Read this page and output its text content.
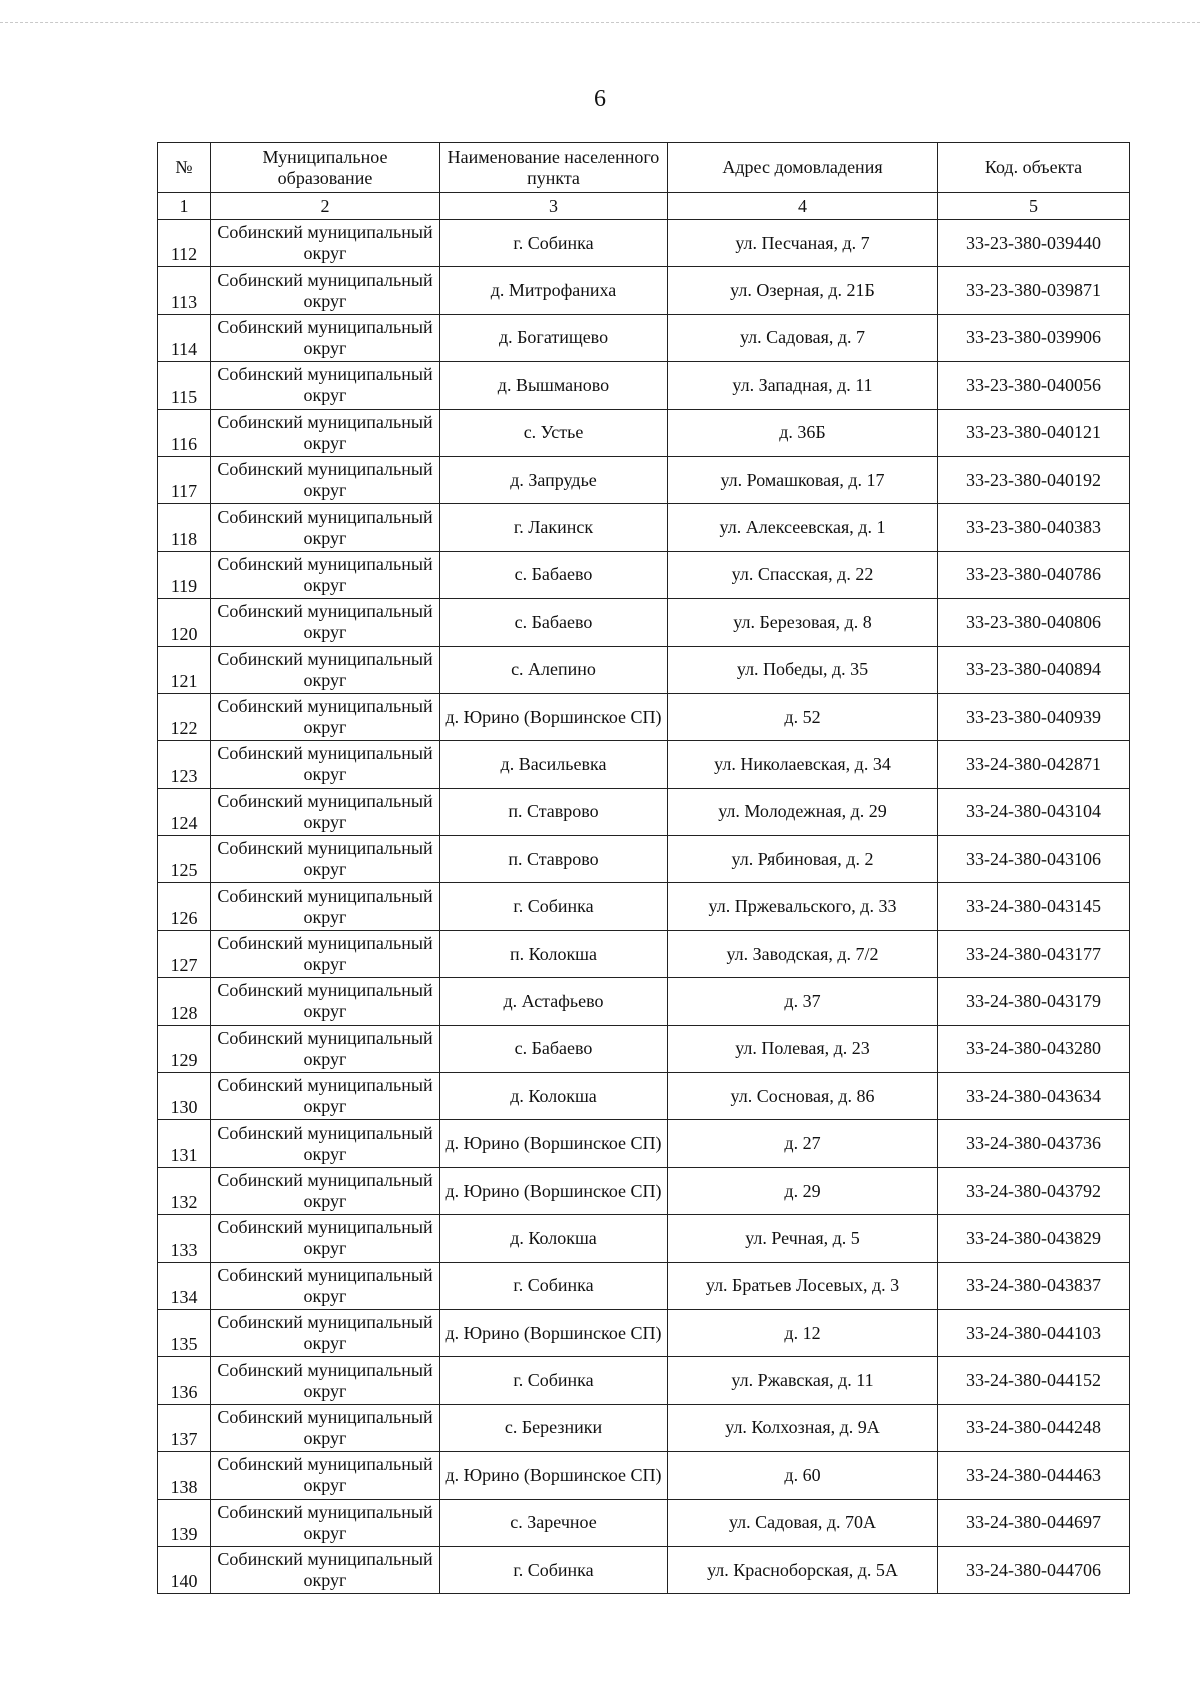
6
№	Муниципальное образование	Наименование населенного пункта	Адрес домовладения	Код. объекта
1	2	3	4	5
112	Собинский муниципальный округ	г. Собинка	ул. Песчаная, д. 7	33-23-380-039440
113	Собинский муниципальный округ	д. Митрофаниха	ул. Озерная, д. 21Б	33-23-380-039871
114	Собинский муниципальный округ	д. Богатищево	ул. Садовая, д. 7	33-23-380-039906
115	Собинский муниципальный округ	д. Вышманово	ул. Западная, д. 11	33-23-380-040056
116	Собинский муниципальный округ	с. Устье	д. 36Б	33-23-380-040121
117	Собинский муниципальный округ	д. Запрудье	ул. Ромашковая, д. 17	33-23-380-040192
118	Собинский муниципальный округ	г. Лакинск	ул. Алексеевская, д. 1	33-23-380-040383
119	Собинский муниципальный округ	с. Бабаево	ул. Спасская, д. 22	33-23-380-040786
120	Собинский муниципальный округ	с. Бабаево	ул. Березовая, д. 8	33-23-380-040806
121	Собинский муниципальный округ	с. Алепино	ул. Победы, д. 35	33-23-380-040894
122	Собинский муниципальный округ	д. Юрино (Воршинское СП)	д. 52	33-23-380-040939
123	Собинский муниципальный округ	д. Васильевка	ул. Николаевская, д. 34	33-24-380-042871
124	Собинский муниципальный округ	п. Ставрово	ул. Молодежная, д. 29	33-24-380-043104
125	Собинский муниципальный округ	п. Ставрово	ул. Рябиновая, д. 2	33-24-380-043106
126	Собинский муниципальный округ	г. Собинка	ул. Пржевальского, д. 33	33-24-380-043145
127	Собинский муниципальный округ	п. Колокша	ул. Заводская, д. 7/2	33-24-380-043177
128	Собинский муниципальный округ	д. Астафьево	д. 37	33-24-380-043179
129	Собинский муниципальный округ	с. Бабаево	ул. Полевая, д. 23	33-24-380-043280
130	Собинский муниципальный округ	д. Колокша	ул. Сосновая, д. 86	33-24-380-043634
131	Собинский муниципальный округ	д. Юрино (Воршинское СП)	д. 27	33-24-380-043736
132	Собинский муниципальный округ	д. Юрино (Воршинское СП)	д. 29	33-24-380-043792
133	Собинский муниципальный округ	д. Колокша	ул. Речная, д. 5	33-24-380-043829
134	Собинский муниципальный округ	г. Собинка	ул. Братьев Лосевых, д. 3	33-24-380-043837
135	Собинский муниципальный округ	д. Юрино (Воршинское СП)	д. 12	33-24-380-044103
136	Собинский муниципальный округ	г. Собинка	ул. Ржавская, д. 11	33-24-380-044152
137	Собинский муниципальный округ	с. Березники	ул. Колхозная, д. 9А	33-24-380-044248
138	Собинский муниципальный округ	д. Юрино (Воршинское СП)	д. 60	33-24-380-044463
139	Собинский муниципальный округ	с. Заречное	ул. Садовая, д. 70А	33-24-380-044697
140	Собинский муниципальный округ	г. Собинка	ул. Красноборская, д. 5А	33-24-380-044706
